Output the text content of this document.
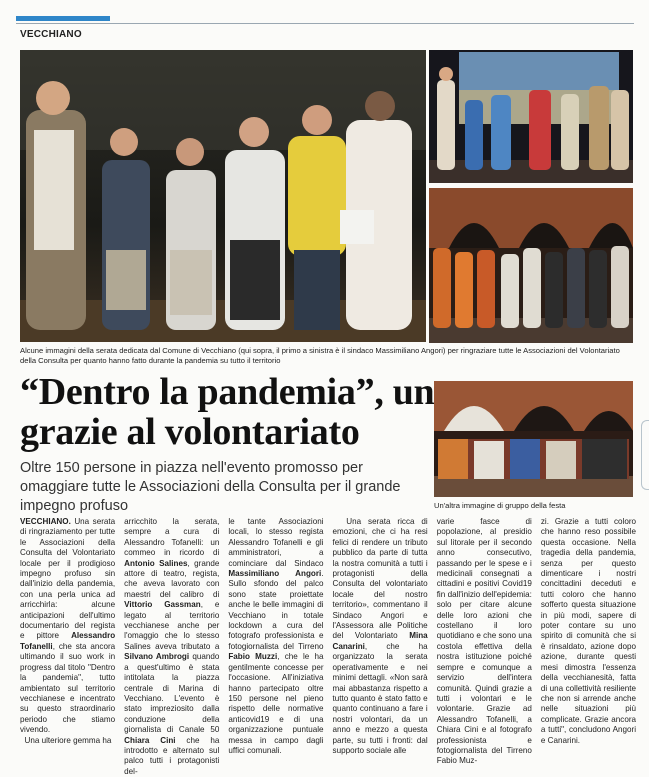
VECCHIANO
Alcune immagini della serata dedicata dal Comune di Vecchiano (qui sopra, il primo a sinistra è il sindaco Massimiliano Angori) per ringraziare tutte le Associazioni del Volontariato della Consulta per quanto hanno fatto durante la pandemia su tutto il territorio
“Dentro la pandemia”, un grazie al volontariato

Oltre 150 persone in piazza nell'evento promosso per omaggiare tutte le Associazioni della Consulta per il grande impegno profuso	Un'altra immagine di gruppo della festa
VECCHIANO. Una serata di ringraziamento per tutte le Associazioni della Consulta del Volontariato locale per il prodigioso impegno profuso sin dall'inizio della pandemia, con una perla unica ad arricchirla: alcune anticipazioni dell'ultimo documentario del regista e pittore Alessandro Tofanelli, che sta ancora ultimando il suo work in progress dal titolo "Dentro la pandemia", tutto ambientato sul territorio vecchianese e incentrato su questo straordinario periodo che stiamo vivendo.
Una ulteriore gemma ha
arricchito la serata, sempre a cura di Alessandro Tofanelli: un commeo in ricordo di Antonio Salines, grande attore di teatro, regista, che aveva lavorato con maestri del calibro di Vittorio Gassman, e legato al territorio vecchianese anche per l'omaggio che lo stesso Salines aveva tributato a Silvano Ambrogi quando a quest'ultimo è stata intitolata la piazza centrale di Marina di Vecchiano. L'evento è stato impreziosito dalla conduzione della giornalista di Canale 50 Chiara Cini che ha introdotto e alternato sul palco tutti i protagonisti del-
le tante Associazioni locali, lo stesso regista Alessandro Tofanelli e gli amministratori, a cominciare dal Sindaco Massimiliano Angori. Sullo sfondo del palco sono state proiettate anche le belle immagini di Vecchiano in totale lockdown a cura del fotografo professionista e fotogiornalista del Tirreno Fabio Muzzi, che le ha gentilmente concesse per l'occasione. All'iniziativa hanno partecipato oltre 150 persone nel pieno rispetto delle normative anticovid19 e di una organizzazione puntuale messa in campo dagli uffici comunali.
Una serata ricca di emozioni, che ci ha resi felici di rendere un tributo pubblico da parte di tutta la nostra comunità a tutti i protagonisti della Consulta del volontariato locale del nostro territorio», commentano il Sindaco Angori e l'Assessora alle Politiche del Volontariato Mina Canarini, che ha organizzato la serata operativamente e nei minimi dettagli. «Non sarà mai abbastanza rispetto a tutto quanto è stato fatto e quanto continuano a fare i nostri volontari, da un anno e mezzo a questa parte, su tutti i fronti: dal supporto sociale alle
varie fasce di popolazione, al presidio sul litorale per il secondo anno consecutivo, passando per le spese e i medicinali consegnati a cittadini e positivi Covid19 fin dall'inizio dell'epidemia: solo per citare alcune delle loro azioni che costellano il loro quotidiano e che sono una costola effettiva della nostra istituzione poiché sempre e comunque a servizio dell'intera comunità. Quindi grazie a tutti i volontari e le volontarie. Grazie ad Alessandro Tofanelli, a Chiara Cini e al fotografo professionista e fotogiornalista del Tirreno Fabio Muz-
zi. Grazie a tutti coloro che hanno reso possibile questa occasione. Nella tragedia della pandemia, senza per questo dimenticare i nostri concittadini deceduti e tutti coloro che hanno sofferto questa situazione in più modi, sapere di poter contare su uno spirito di comunità che si è rinsaldato, azione dopo azione, durante questi mesi dimostra l'essenza della vecchianesità, fatta di una collettività resiliente che non si arrende anche nelle situazioni più complicate. Grazie ancora a tutti", concludono Angori e Canarini.
